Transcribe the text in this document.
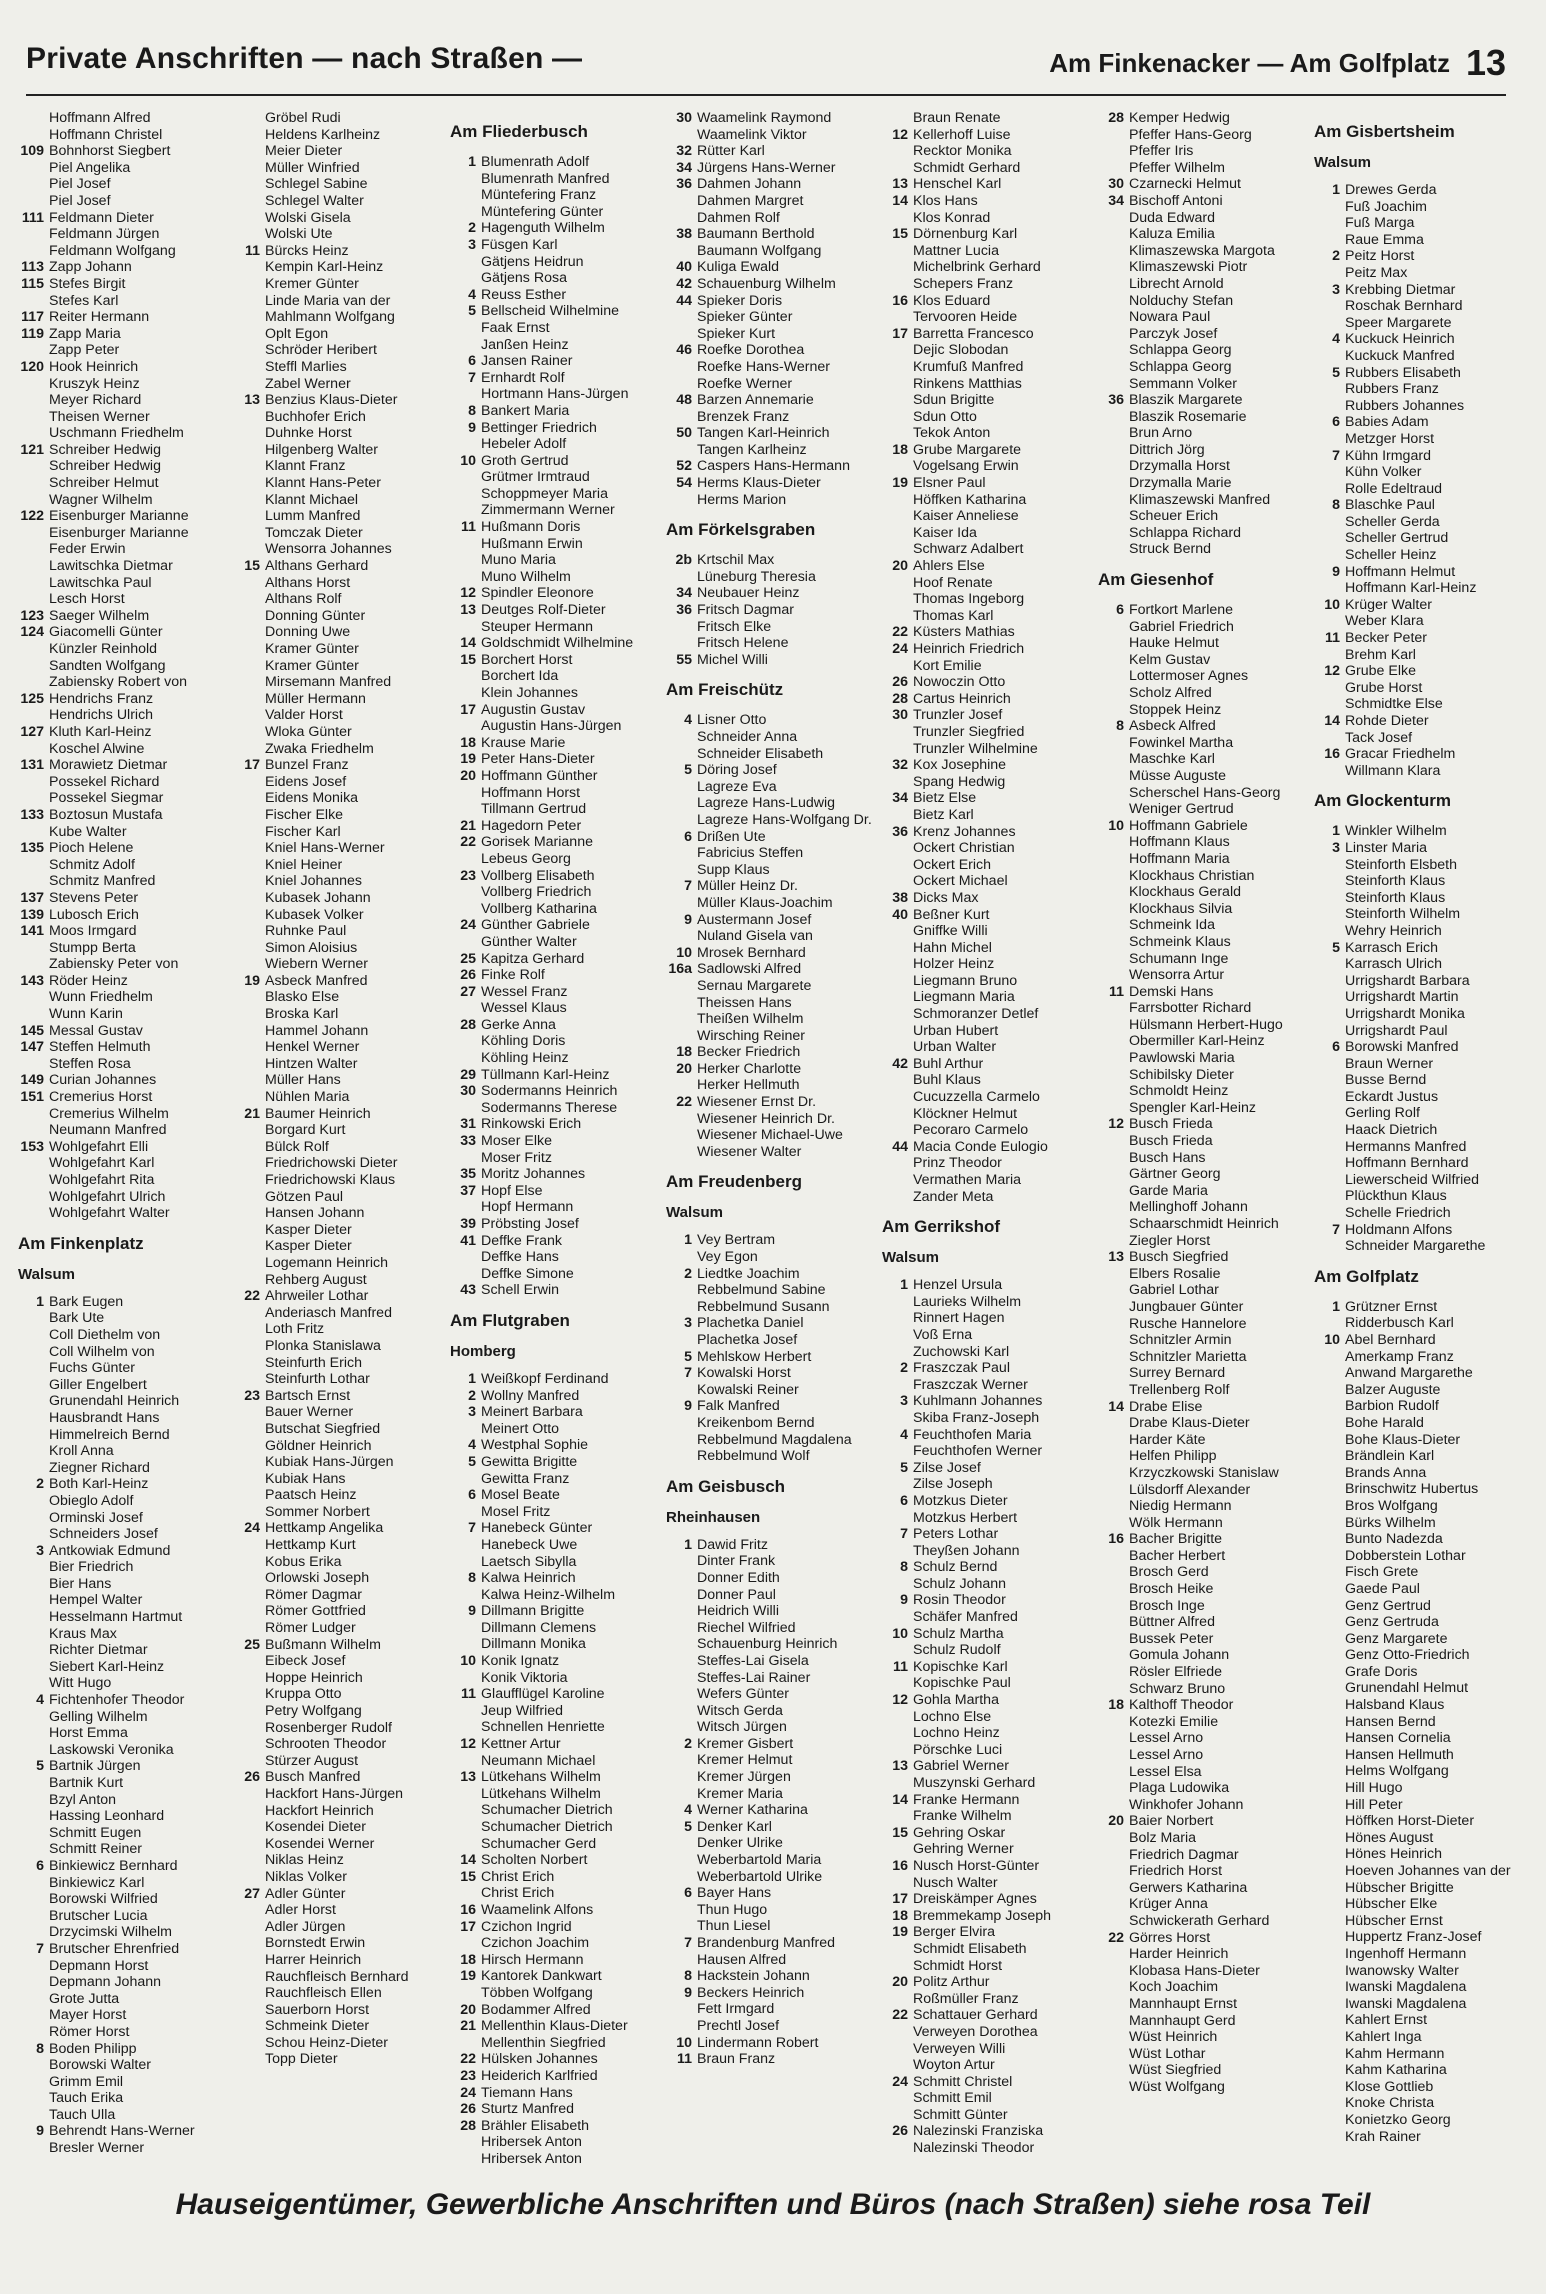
Private Anschriften — nach Straßen —	Am Finkenacker — Am Golfplatz 13
Hoffmann Alfred
Hoffmann Christel
109 Bohnhorst Siegbert
Piel Angelika
Piel Josef
Piel Josef
111 Feldmann Dieter
Feldmann Jürgen
Feldmann Wolfgang
113 Zapp Johann
115 Stefes Birgit
Stefes Karl
117 Reiter Hermann
119 Zapp Maria
Zapp Peter
120 Hook Heinrich
Kruszyk Heinz
Meyer Richard
Theisen Werner
Uschmann Friedhelm
121 Schreiber Hedwig
Schreiber Hedwig
Schreiber Helmut
Wagner Wilhelm
122 Eisenburger Marianne
Eisenburger Marianne
Feder Erwin
Lawitschka Dietmar
Lawitschka Paul
Lesch Horst
123 Saeger Wilhelm
124 Giacomelli Günter
Künzler Reinhold
Sandten Wolfgang
Zabiensky Robert von
125 Hendrichs Franz
Hendrichs Ulrich
127 Kluth Karl-Heinz
Koschel Alwine
131 Morawietz Dietmar
Possekel Richard
Possekel Siegmar
133 Boztosun Mustafa
Kube Walter
135 Pioch Helene
Schmitz Adolf
Schmitz Manfred
137 Stevens Peter
139 Lubosch Erich
141 Moos Irmgard
Stumpp Berta
Zabiensky Peter von
143 Röder Heinz
Wunn Friedhelm
Wunn Karin
145 Messal Gustav
147 Steffen Helmuth
Steffen Rosa
149 Curian Johannes
151 Cremerius Horst
Cremerius Wilhelm
Neumann Manfred
153 Wohlgefahrt Elli
Wohlgefahrt Karl
Wohlgefahrt Rita
Wohlgefahrt Ulrich
Wohlgefahrt Walter
Am Finkenplatz
Walsum
1 Bark Eugen
Bark Ute
Coll Diethelm von
Coll Wilhelm von
Fuchs Günter
Giller Engelbert
Grunendahl Heinrich
Hausbrandt Hans
Himmelreich Bernd
Kroll Anna
Ziegner Richard
2 Both Karl-Heinz
Obieglo Adolf
Orminski Josef
Schneiders Josef
3 Antkowiak Edmund
Bier Friedrich
Bier Hans
Hempel Walter
Hesselmann Hartmut
Kraus Max
Richter Dietmar
Siebert Karl-Heinz
Witt Hugo
4 Fichtenhofer Theodor
Gelling Wilhelm
Horst Emma
Laskowski Veronika
5 Bartnik Jürgen
Bartnik Kurt
Bzyl Anton
Hassing Leonhard
Schmitt Eugen
Schmitt Reiner
6 Binkiewicz Bernhard
Binkiewicz Karl
Borowski Wilfried
Brutscher Lucia
Drzycimski Wilhelm
7 Brutscher Ehrenfried
Depmann Horst
Depmann Johann
Grote Jutta
Mayer Horst
Römer Horst
8 Boden Philipp
Borowski Walter
Grimm Emil
Tauch Erika
Tauch Ulla
9 Behrendt Hans-Werner
Bresler Werner
Gröbel Rudi
Heldens Karlheinz
Meier Dieter
Müller Winfried
Schlegel Sabine
Schlegel Walter
Wolski Gisela
Wolski Ute
11 Bürcks Heinz
Kempin Karl-Heinz
Kremer Günter
Linde Maria van der
Mahlmann Wolfgang
Oplt Egon
Schröder Heribert
Steffl Marlies
Zabel Werner
13 Benzius Klaus-Dieter
Buchhofer Erich
Duhnke Horst
Hilgenberg Walter
Klannt Franz
Klannt Hans-Peter
Klannt Michael
Lumm Manfred
Tomczak Dieter
Wensorra Johannes
15 Althans Gerhard
Althans Horst
Althans Rolf
Donning Günter
Donning Uwe
Kramer Günter
Kramer Günter
Mirsemann Manfred
Müller Hermann
Valder Horst
Wloka Günter
Zwaka Friedhelm
17 Bunzel Franz
Eidens Josef
Eidens Monika
Fischer Elke
Fischer Karl
Kniel Hans-Werner
Kniel Heiner
Kniel Johannes
Kubasek Johann
Kubasek Volker
Ruhnke Paul
Simon Aloisius
Wiebern Werner
19 Asbeck Manfred
Blasko Else
Broska Karl
Hammel Johann
Henkel Werner
Hintzen Walter
Müller Hans
Nühlen Maria
21 Baumer Heinrich
Borgard Kurt
Bülck Rolf
Friedrichowski Dieter
Friedrichowski Klaus
Götzen Paul
Hansen Johann
Kasper Dieter
Kasper Dieter
Logemann Heinrich
Rehberg August
22 Ahrweiler Lothar
Anderiasch Manfred
Loth Fritz
Plonka Stanislawa
Steinfurth Erich
Steinfurth Lothar
23 Bartsch Ernst
Bauer Werner
Butschat Siegfried
Göldner Heinrich
Kubiak Hans-Jürgen
Kubiak Hans
Paatsch Heinz
Sommer Norbert
24 Hettkamp Angelika
Hettkamp Kurt
Kobus Erika
Orlowski Joseph
Römer Dagmar
Römer Gottfried
Römer Ludger
25 Bußmann Wilhelm
Eibeck Josef
Hoppe Heinrich
Kruppa Otto
Petry Wolfgang
Rosenberger Rudolf
Schrooten Theodor
Stürzer August
26 Busch Manfred
Hackfort Hans-Jürgen
Hackfort Heinrich
Kosendei Dieter
Kosendei Werner
Niklas Heinz
Niklas Volker
27 Adler Günter
Adler Horst
Adler Jürgen
Bornstedt Erwin
Harrer Heinrich
Rauchfleisch Bernhard
Rauchfleisch Ellen
Sauerborn Horst
Schmeink Dieter
Schou Heinz-Dieter
Topp Dieter
Am Fliederbusch
1 Blumenrath Adolf
Blumenrath Manfred
Müntefering Franz
Müntefering Günter
2 Hagenguth Wilhelm
3 Füsgen Karl
Gätjens Heidrun
Gätjens Rosa
4 Reuss Esther
5 Bellscheid Wilhelmine
Faak Ernst
Janßen Heinz
6 Jansen Rainer
7 Ernhardt Rolf
Hortmann Hans-Jürgen
8 Bankert Maria
9 Bettinger Friedrich
Hebeler Adolf
10 Groth Gertrud
Grütmer Irmtraud
Schoppmeyer Maria
Zimmermann Werner
11 Hußmann Doris
Hußmann Erwin
Muno Maria
Muno Wilhelm
12 Spindler Eleonore
13 Deutges Rolf-Dieter
Steuper Hermann
14 Goldschmidt Wilhelmine
15 Borchert Horst
Borchert Ida
Klein Johannes
17 Augustin Gustav
Augustin Hans-Jürgen
18 Krause Marie
19 Peter Hans-Dieter
20 Hoffmann Günther
Hoffmann Horst
Tillmann Gertrud
21 Hagedorn Peter
22 Gorisek Marianne
Lebeus Georg
23 Vollberg Elisabeth
Vollberg Friedrich
Vollberg Katharina
24 Günther Gabriele
Günther Walter
25 Kapitza Gerhard
26 Finke Rolf
27 Wessel Franz
Wessel Klaus
28 Gerke Anna
Köhling Doris
Köhling Heinz
29 Tüllmann Karl-Heinz
30 Sodermanns Heinrich
Sodermanns Therese
31 Rinkowski Erich
33 Moser Elke
Moser Fritz
35 Moritz Johannes
37 Hopf Else
Hopf Hermann
39 Pröbsting Josef
41 Deffke Frank
Deffke Hans
Deffke Simone
43 Schell Erwin
Am Flutgraben
Homberg
1 Weißkopf Ferdinand
2 Wollny Manfred
3 Meinert Barbara
Meinert Otto
4 Westphal Sophie
5 Gewitta Brigitte
Gewitta Franz
6 Mosel Beate
Mosel Fritz
7 Hanebeck Günter
Hanebeck Uwe
Laetsch Sibylla
8 Kalwa Heinrich
Kalwa Heinz-Wilhelm
9 Dillmann Brigitte
Dillmann Clemens
Dillmann Monika
10 Konik Ignatz
Konik Viktoria
11 Glaufflügel Karoline
Jeup Wilfried
Schnellen Henriette
12 Kettner Artur
Neumann Michael
13 Lütkehans Wilhelm
Lütkehans Wilhelm
Schumacher Dietrich
Schumacher Dietrich
Schumacher Gerd
14 Scholten Norbert
15 Christ Erich
Christ Erich
16 Waamelink Alfons
17 Czichon Ingrid
Czichon Joachim
18 Hirsch Hermann
19 Kantorek Dankwart
Többen Wolfgang
20 Bodammer Alfred
21 Mellenthin Klaus-Dieter
Mellenthin Siegfried
22 Hülsken Johannes
23 Heiderich Karlfried
24 Tiemann Hans
26 Sturtz Manfred
28 Brähler Elisabeth
Hribersek Anton
Hribersek Anton
30 Waamelink Raymond
Waamelink Viktor
32 Rütter Karl
34 Jürgens Hans-Werner
36 Dahmen Johann
Dahmen Margret
Dahmen Rolf
38 Baumann Berthold
Baumann Wolfgang
40 Kuliga Ewald
42 Schauenburg Wilhelm
44 Spieker Doris
Spieker Günter
Spieker Kurt
46 Roefke Dorothea
Roefke Hans-Werner
Roefke Werner
48 Barzen Annemarie
Brenzek Franz
50 Tangen Karl-Heinrich
Tangen Karlheinz
52 Caspers Hans-Hermann
54 Herms Klaus-Dieter
Herms Marion
Am Förkelsgraben
2b Krtschil Max
Lüneburg Theresia
34 Neubauer Heinz
36 Fritsch Dagmar
Fritsch Elke
Fritsch Helene
55 Michel Willi
Am Freischütz
4 Lisner Otto
Schneider Anna
Schneider Elisabeth
5 Döring Josef
Lagreze Eva
Lagreze Hans-Ludwig
Lagreze Hans-Wolfgang Dr.
6 Drißen Ute
Fabricius Steffen
Supp Klaus
7 Müller Heinz Dr.
Müller Klaus-Joachim
9 Austermann Josef
Nuland Gisela van
10 Mrosek Bernhard
16a Sadlowski Alfred
Sernau Margarete
Theissen Hans
Theißen Wilhelm
Wirsching Reiner
18 Becker Friedrich
20 Herker Charlotte
Herker Hellmuth
22 Wiesener Ernst Dr.
Wiesener Heinrich Dr.
Wiesener Michael-Uwe
Wiesener Walter
Am Freudenberg
Walsum
1 Vey Bertram
Vey Egon
2 Liedtke Joachim
Rebbelmund Sabine
Rebbelmund Susann
3 Plachetka Daniel
Plachetka Josef
5 Mehlskow Herbert
7 Kowalski Horst
Kowalski Reiner
9 Falk Manfred
Kreikenbom Bernd
Rebbelmund Magdalena
Rebbelmund Wolf
Am Geisbusch
Rheinhausen
1 Dawid Fritz
Dinter Frank
Donner Edith
Donner Paul
Heidrich Willi
Riechel Wilfried
Schauenburg Heinrich
Steffes-Lai Gisela
Steffes-Lai Rainer
Wefers Günter
Witsch Gerda
Witsch Jürgen
2 Kremer Gisbert
Kremer Helmut
Kremer Jürgen
Kremer Maria
4 Werner Katharina
5 Denker Karl
Denker Ulrike
Weberbartold Maria
Weberbartold Ulrike
6 Bayer Hans
Thun Hugo
Thun Liesel
7 Brandenburg Manfred
Hausen Alfred
8 Hackstein Johann
9 Beckers Heinrich
Fett Irmgard
Prechtl Josef
10 Lindermann Robert
11 Braun Franz
Braun Renate
12 Kellerhoff Luise
Recktor Monika
Schmidt Gerhard
13 Henschel Karl
14 Klos Hans
Klos Konrad
15 Dörnenburg Karl
Mattner Lucia
Michelbrink Gerhard
Schepers Franz
16 Klos Eduard
Tervooren Heide
17 Barretta Francesco
Dejic Slobodan
Krumfuß Manfred
Rinkens Matthias
Sdun Brigitte
Sdun Otto
Tekok Anton
18 Grube Margarete
Vogelsang Erwin
19 Elsner Paul
Höffken Katharina
Kaiser Anneliese
Kaiser Ida
Schwarz Adalbert
20 Ahlers Else
Hoof Renate
Thomas Ingeborg
Thomas Karl
22 Küsters Mathias
24 Heinrich Friedrich
Kort Emilie
26 Nowoczin Otto
28 Cartus Heinrich
30 Trunzler Josef
Trunzler Siegfried
Trunzler Wilhelmine
32 Kox Josephine
Spang Hedwig
34 Bietz Else
Bietz Karl
36 Krenz Johannes
Ockert Christian
Ockert Erich
Ockert Michael
38 Dicks Max
40 Beßner Kurt
Gniffke Willi
Hahn Michel
Holzer Heinz
Liegmann Bruno
Liegmann Maria
Schmoranzer Detlef
Urban Hubert
Urban Walter
42 Buhl Arthur
Buhl Klaus
Cucuzzella Carmelo
Klöckner Helmut
Pecoraro Carmelo
44 Macia Conde Eulogio
Prinz Theodor
Vermathen Maria
Zander Meta
Am Gerrikshof
Walsum
1 Henzel Ursula
Laurieks Wilhelm
Rinnert Hagen
Voß Erna
Zuchowski Karl
2 Fraszczak Paul
Fraszczak Werner
3 Kuhlmann Johannes
Skiba Franz-Joseph
4 Feuchthofen Maria
Feuchthofen Werner
5 Zilse Josef
Zilse Joseph
6 Motzkus Dieter
Motzkus Herbert
7 Peters Lothar
Theyßen Johann
8 Schulz Bernd
Schulz Johann
9 Rosin Theodor
Schäfer Manfred
10 Schulz Martha
Schulz Rudolf
11 Kopischke Karl
Kopischke Paul
12 Gohla Martha
Lochno Else
Lochno Heinz
Pörschke Luci
13 Gabriel Werner
Muszynski Gerhard
14 Franke Hermann
Franke Wilhelm
15 Gehring Oskar
Gehring Werner
16 Nusch Horst-Günter
Nusch Walter
17 Dreiskämper Agnes
18 Bremmekamp Joseph
19 Berger Elvira
Schmidt Elisabeth
Schmidt Horst
20 Politz Arthur
Roßmüller Franz
22 Schattauer Gerhard
Verweyen Dorothea
Verweyen Willi
Woyton Artur
24 Schmitt Christel
Schmitt Emil
Schmitt Günter
26 Nalezinski Franziska
Nalezinski Theodor
28 Kemper Hedwig
Pfeffer Hans-Georg
Pfeffer Iris
Pfeffer Wilhelm
30 Czarnecki Helmut
34 Bischoff Antoni
Duda Edward
Kaluza Emilia
Klimaszewska Margota
Klimaszewski Piotr
Librecht Arnold
Nolduchy Stefan
Nowara Paul
Parczyk Josef
Schlappa Georg
Schlappa Georg
Semmann Volker
36 Blaszik Margarete
Blaszik Rosemarie
Brun Arno
Dittrich Jörg
Drzymalla Horst
Drzymalla Marie
Klimaszewski Manfred
Scheuer Erich
Schlappa Richard
Struck Bernd
Am Giesenhof
6 Fortkort Marlene
Gabriel Friedrich
Hauke Helmut
Kelm Gustav
Lottermoser Agnes
Scholz Alfred
Stoppek Heinz
8 Asbeck Alfred
Fowinkel Martha
Maschke Karl
Müsse Auguste
Scherschel Hans-Georg
Weniger Gertrud
10 Hoffmann Gabriele
Hoffmann Klaus
Hoffmann Maria
Klockhaus Christian
Klockhaus Gerald
Klockhaus Silvia
Schmeink Ida
Schmeink Klaus
Schumann Inge
Wensorra Artur
11 Demski Hans
Farrsbotter Richard
Hülsmann Herbert-Hugo
Obermiller Karl-Heinz
Pawlowski Maria
Schibilsky Dieter
Schmoldt Heinz
Spengler Karl-Heinz
12 Busch Frieda
Busch Frieda
Busch Hans
Gärtner Georg
Garde Maria
Mellinghoff Johann
Schaarschmidt Heinrich
Ziegler Horst
13 Busch Siegfried
Elbers Rosalie
Gabriel Lothar
Jungbauer Günter
Rusche Hannelore
Schnitzler Armin
Schnitzler Marietta
Surrey Bernard
Trellenberg Rolf
14 Drabe Elise
Drabe Klaus-Dieter
Harder Käte
Helfen Philipp
Krzyczkowski Stanislaw
Lülsdorff Alexander
Niedig Hermann
Wölk Hermann
16 Bacher Brigitte
Bacher Herbert
Brosch Gerd
Brosch Heike
Brosch Inge
Büttner Alfred
Bussek Peter
Gomula Johann
Rösler Elfriede
Schwarz Bruno
18 Kalthoff Theodor
Kotezki Emilie
Lessel Arno
Lessel Arno
Lessel Elsa
Plaga Ludowika
Winkhofer Johann
20 Baier Norbert
Bolz Maria
Friedrich Dagmar
Friedrich Horst
Gerwers Katharina
Krüger Anna
Schwickerath Gerhard
22 Görres Horst
Harder Heinrich
Klobasa Hans-Dieter
Koch Joachim
Mannhaupt Ernst
Mannhaupt Gerd
Wüst Heinrich
Wüst Lothar
Wüst Siegfried
Wüst Wolfgang
Am Gisbertsheim
Walsum
1 Drewes Gerda
Fuß Joachim
Fuß Marga
Raue Emma
2 Peitz Horst
Peitz Max
3 Krebbing Dietmar
Roschak Bernhard
Speer Margarete
4 Kuckuck Heinrich
Kuckuck Manfred
5 Rubbers Elisabeth
Rubbers Franz
Rubbers Johannes
6 Babies Adam
Metzger Horst
7 Kühn Irmgard
Kühn Volker
Rolle Edeltraud
8 Blaschke Paul
Scheller Gerda
Scheller Gertrud
Scheller Heinz
9 Hoffmann Helmut
Hoffmann Karl-Heinz
10 Krüger Walter
Weber Klara
11 Becker Peter
Brehm Karl
12 Grube Elke
Grube Horst
Schmidtke Else
14 Rohde Dieter
Tack Josef
16 Gracar Friedhelm
Willmann Klara
Am Glockenturm
1 Winkler Wilhelm
3 Linster Maria
Steinforth Elsbeth
Steinforth Klaus
Steinforth Klaus
Steinforth Wilhelm
Wehry Heinrich
5 Karrasch Erich
Karrasch Ulrich
Urrigshardt Barbara
Urrigshardt Martin
Urrigshardt Monika
Urrigshardt Paul
6 Borowski Manfred
Braun Werner
Busse Bernd
Eckardt Justus
Gerling Rolf
Haack Dietrich
Hermanns Manfred
Hoffmann Bernhard
Liewerscheid Wilfried
Plückthun Klaus
Schelle Friedrich
7 Holdmann Alfons
Schneider Margarethe
Am Golfplatz
1 Grützner Ernst
Ridderbusch Karl
10 Abel Bernhard
Amerkamp Franz
Anwand Margarethe
Balzer Auguste
Barbion Rudolf
Bohe Harald
Bohe Klaus-Dieter
Brändlein Karl
Brands Anna
Brinschwitz Hubertus
Bros Wolfgang
Bürks Wilhelm
Bunto Nadezda
Dobberstein Lothar
Fisch Grete
Gaede Paul
Genz Gertrud
Genz Gertruda
Genz Margarete
Genz Otto-Friedrich
Grafe Doris
Grunendahl Helmut
Halsband Klaus
Hansen Bernd
Hansen Cornelia
Hansen Hellmuth
Helms Wolfgang
Hill Hugo
Hill Peter
Höffken Horst-Dieter
Hönes August
Hönes Heinrich
Hoeven Johannes van der
Hübscher Brigitte
Hübscher Elke
Hübscher Ernst
Huppertz Franz-Josef
Ingenhoff Hermann
Iwanowsky Walter
Iwanski Magdalena
Iwanski Magdalena
Kahlert Ernst
Kahlert Inga
Kahm Hermann
Kahm Katharina
Klose Gottlieb
Knoke Christa
Konietzko Georg
Krah Rainer
Hauseigentümer, Gewerbliche Anschriften und Büros (nach Straßen) siehe rosa Teil
